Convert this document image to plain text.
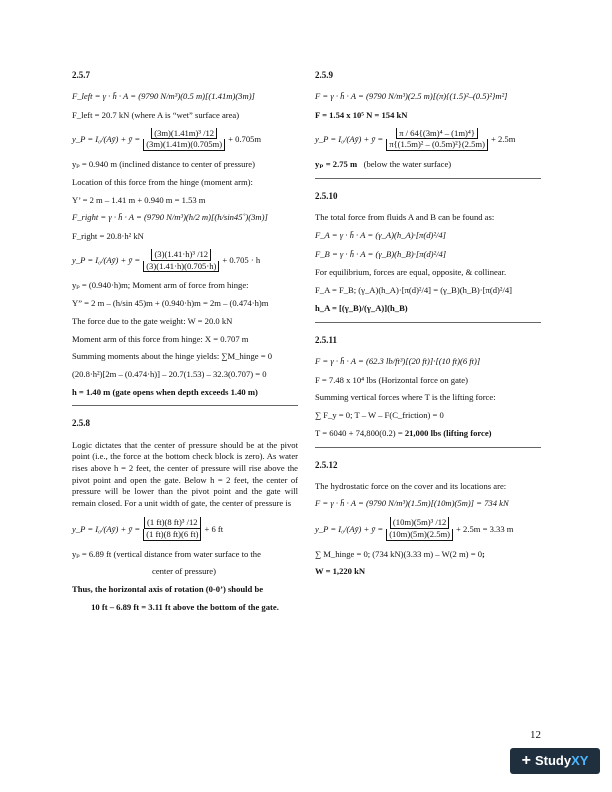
2.5.7
F_left = γ · h̄ · A = (9790 N/m³)(0.5 m)[(1.41m)(3m)]
F_left = 20.7 kN (where A is “wet” surface area)
y_P = I₀/(Aȳ) + ȳ = $\frac{\text{(3m)(1.41m)³ /12}}{(3m)(1.41m)(0.705m)} + 0.705m$
yₚ = 0.940 m (inclined distance to center of pressure)
Location of this force from the hinge (moment arm):
Y’ = 2 m – 1.41 m + 0.940 m = 1.53 m
F_right = γ · h̄ · A = (9790 N/m³)(h/2 m)[(h/sin45˚)(3m)]
F_right = 20.8·h² kN
y_P = I₀/(Aȳ) + ȳ = $\frac{\text{(3)(1.41·h)³ /12}}{(3)(1.41\cdot h)(0.705\cdot h)} + 0.705 \cdot h$
yₚ = (0.940·h)m; Moment arm of force from hinge:
Y” = 2 m – (h/sin 45)m + (0.940·h)m = 2m – (0.474·h)m
The force due to the gate weight: W = 20.0 kN
Moment arm of this force from hinge: X = 0.707 m
Summing moments about the hinge yields: ∑M_hinge = 0
(20.8·h²)[2m – (0.474·h)] – 20.7(1.53) – 32.3(0.707) = 0
h = 1.40 m (gate opens when depth exceeds 1.40 m)
2.5.8
Logic dictates that the center of pressure should be at the pivot point (i.e., the force at the bottom check block is zero). As water rises above h = 2 feet, the center of pressure will rise above the pivot point and open the gate. Below h = 2 feet, the center of pressure will be lower than the pivot point and the gate will remain closed. For a unit width of gate, the center of pressure is
y_P = I₀/(Aȳ) + ȳ = $\frac{\text{(1 ft)(8 ft)³ /12}}{(1 ft)(8 ft)(6 ft)} + 6$ ft
yₚ = 6.89 ft (vertical distance from water surface to the
center of pressure)
Thus, the horizontal axis of rotation (0-0’) should be
10 ft – 6.89 ft = 3.11 ft above the bottom of the gate.
2.5.9
F = γ · h̄ · A = (9790 N/m³)(2.5 m)[(π){(1.5)²–(0.5)²}m²]
F = 1.54 x 10⁵ N = 154 kN
y_P = I₀/(Aȳ) + ȳ = $\frac{\text{π / 64\{(3m)⁴ – (1m)⁴\}}}{\text{π\{(1.5m)² – (0.5m)²\}(2.5m)}} + 2.5m$
yₚ = 2.75 m (below the water surface)
2.5.10
The total force from fluids A and B can be found as:
F_A = γ · h̄ · A = (γ_A)(h_A)·[π(d)²/4]
F_B = γ · h̄ · A = (γ_B)(h_B)·[π(d)²/4]
For equilibrium, forces are equal, opposite, & collinear.
F_A = F_B; (γ_A)(h_A)·[π(d)²/4] = (γ_B)(h_B)·[π(d)²/4]
h_A = [(γ_B)/(γ_A)](h_B)
2.5.11
F = γ · h̄ · A = (62.3 lb/ft³)[(20 ft)]·[(10 ft)(6 ft)]
F = 7.48 x 10⁴ lbs (Horizontal force on gate)
Summing vertical forces where T is the lifting force:
∑ F_y = 0; T – W – F(C_friction) = 0
T = 6040 + 74,800(0.2) = 21,000 lbs (lifting force)
2.5.12
The hydrostatic force on the cover and its locations are:
F = γ · h̄ · A = (9790 N/m³)(1.5m)[(10m)(5m)] = 734 kN
y_P = I₀/(Aȳ) + ȳ = $\frac{\text{(10m)(5m)³ /12}}{(10m)(5m)(2.5m)} + 2.5m = 3.33$ m
∑ M_hinge = 0; (734 kN)(3.33 m) – W(2 m) = 0;
W = 1,220 kN
12
+ Study XY
